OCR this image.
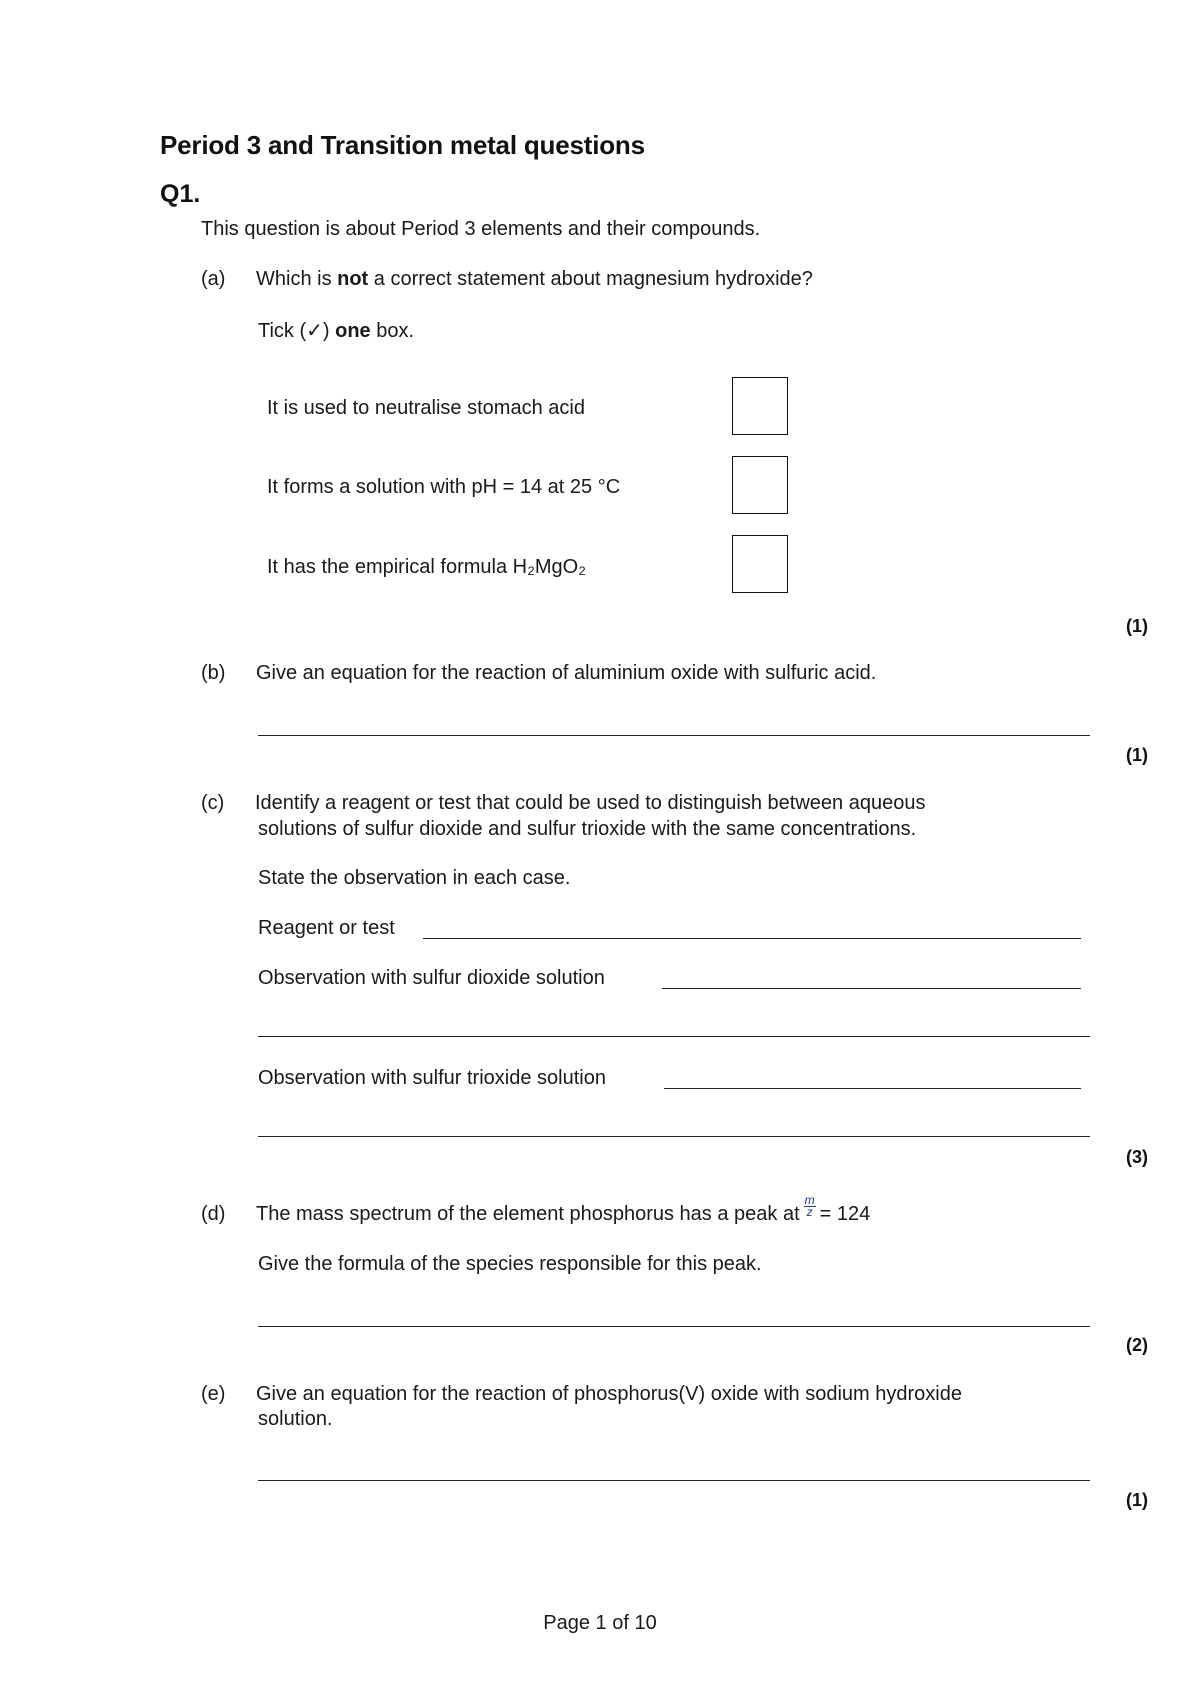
Period 3 and Transition metal questions
Q1.
This question is about Period 3 elements and their compounds.
(a) Which is not a correct statement about magnesium hydroxide?
Tick (✓) one box.
It is used to neutralise stomach acid
It forms a solution with pH = 14 at 25 °C
It has the empirical formula H₂MgO₂
(1)
(b) Give an equation for the reaction of aluminium oxide with sulfuric acid.
(1)
(c) Identify a reagent or test that could be used to distinguish between aqueous
solutions of sulfur dioxide and sulfur trioxide with the same concentrations.
State the observation in each case.
Reagent or test
Observation with sulfur dioxide solution
Observation with sulfur trioxide solution
(3)
(d) The mass spectrum of the element phosphorus has a peak at $\frac{m}{z} = 124$
Give the formula of the species responsible for this peak.
(2)
(e) Give an equation for the reaction of phosphorus(V) oxide with sodium hydroxide
solution.
(1)
Page 1 of 10
